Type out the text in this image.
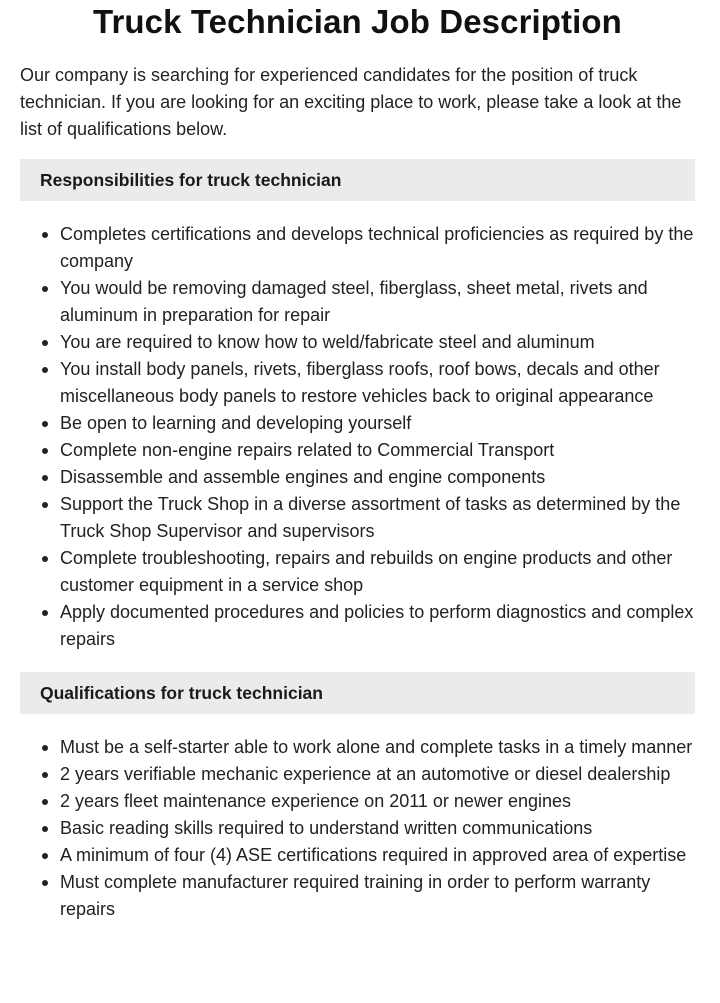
Truck Technician Job Description

Our company is searching for experienced candidates for the position of truck technician. If you are looking for an exciting place to work, please take a look at the list of qualifications below.

Responsibilities for truck technician
Completes certifications and develops technical proficiencies as required by the company
You would be removing damaged steel, fiberglass, sheet metal, rivets and aluminum in preparation for repair
You are required to know how to weld/fabricate steel and aluminum
You install body panels, rivets, fiberglass roofs, roof bows, decals and other miscellaneous body panels to restore vehicles back to original appearance
Be open to learning and developing yourself
Complete non-engine repairs related to Commercial Transport
Disassemble and assemble engines and engine components
Support the Truck Shop in a diverse assortment of tasks as determined by the Truck Shop Supervisor and supervisors
Complete troubleshooting, repairs and rebuilds on engine products and other customer equipment in a service shop
Apply documented procedures and policies to perform diagnostics and complex repairs
Qualifications for truck technician
Must be a self-starter able to work alone and complete tasks in a timely manner
2 years verifiable mechanic experience at an automotive or diesel dealership
2 years fleet maintenance experience on 2011 or newer engines
Basic reading skills required to understand written communications
A minimum of four (4) ASE certifications required in approved area of expertise
Must complete manufacturer required training in order to perform warranty repairs
